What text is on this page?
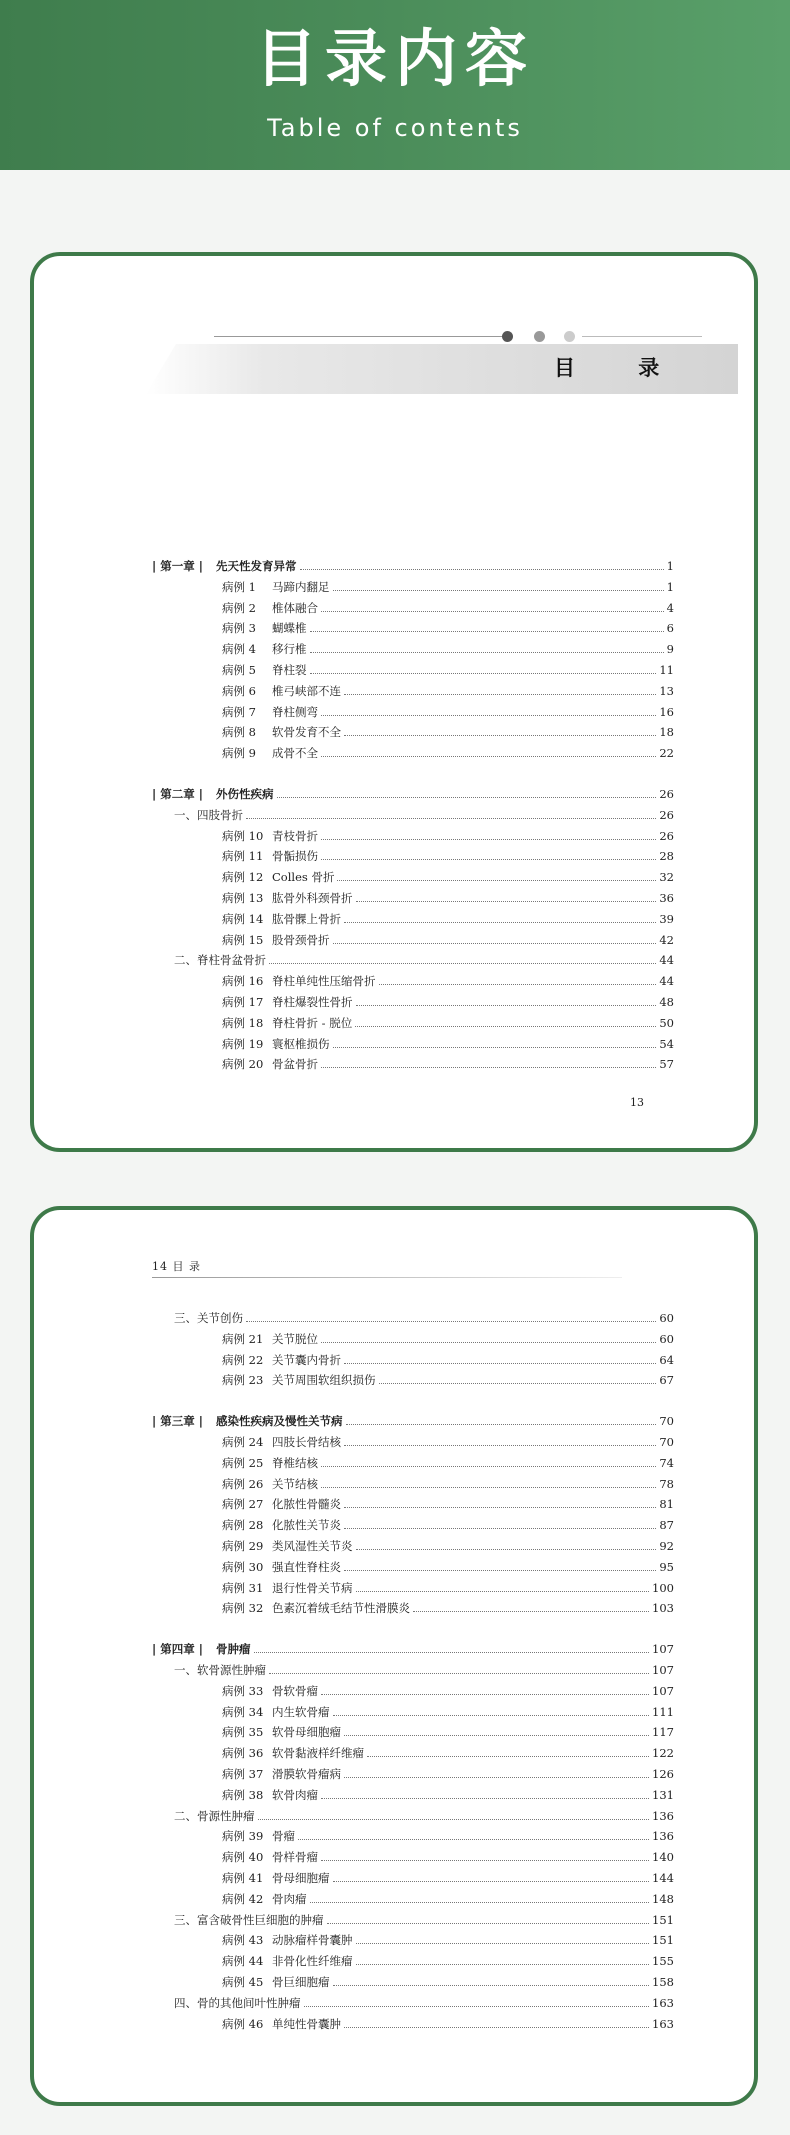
目录内容
Table of contents
目 录
| 第一章 | 先天性发育异常	1
病例 1 马蹄内翻足	1
病例 2 椎体融合	4
病例 3 蝴蝶椎	6
病例 4 移行椎	9
病例 5 脊柱裂	11
病例 6 椎弓峡部不连	13
病例 7 脊柱侧弯	16
病例 8 软骨发育不全	18
病例 9 成骨不全	22
| 第二章 | 外伤性疾病	26
一、四肢骨折	26
病例 10 青枝骨折	26
病例 11 骨骺损伤	28
病例 12 Colles 骨折	32
病例 13 肱骨外科颈骨折	36
病例 14 肱骨髁上骨折	39
病例 15 股骨颈骨折	42
二、脊柱骨盆骨折	44
病例 16 脊柱单纯性压缩骨折	44
病例 17 脊柱爆裂性骨折	48
病例 18 脊柱骨折 - 脱位	50
病例 19 寰枢椎损伤	54
病例 20 骨盆骨折	57
13
14 目 录
三、关节创伤	60
病例 21 关节脱位	60
病例 22 关节囊内骨折	64
病例 23 关节周围软组织损伤	67
| 第三章 | 感染性疾病及慢性关节病	70
病例 24 四肢长骨结核	70
病例 25 脊椎结核	74
病例 26 关节结核	78
病例 27 化脓性骨髓炎	81
病例 28 化脓性关节炎	87
病例 29 类风湿性关节炎	92
病例 30 强直性脊柱炎	95
病例 31 退行性骨关节病	100
病例 32 色素沉着绒毛结节性滑膜炎	103
| 第四章 | 骨肿瘤	107
一、软骨源性肿瘤	107
病例 33 骨软骨瘤	107
病例 34 内生软骨瘤	111
病例 35 软骨母细胞瘤	117
病例 36 软骨黏液样纤维瘤	122
病例 37 滑膜软骨瘤病	126
病例 38 软骨肉瘤	131
二、骨源性肿瘤	136
病例 39 骨瘤	136
病例 40 骨样骨瘤	140
病例 41 骨母细胞瘤	144
病例 42 骨肉瘤	148
三、富含破骨性巨细胞的肿瘤	151
病例 43 动脉瘤样骨囊肿	151
病例 44 非骨化性纤维瘤	155
病例 45 骨巨细胞瘤	158
四、骨的其他间叶性肿瘤	163
病例 46 单纯性骨囊肿	163
